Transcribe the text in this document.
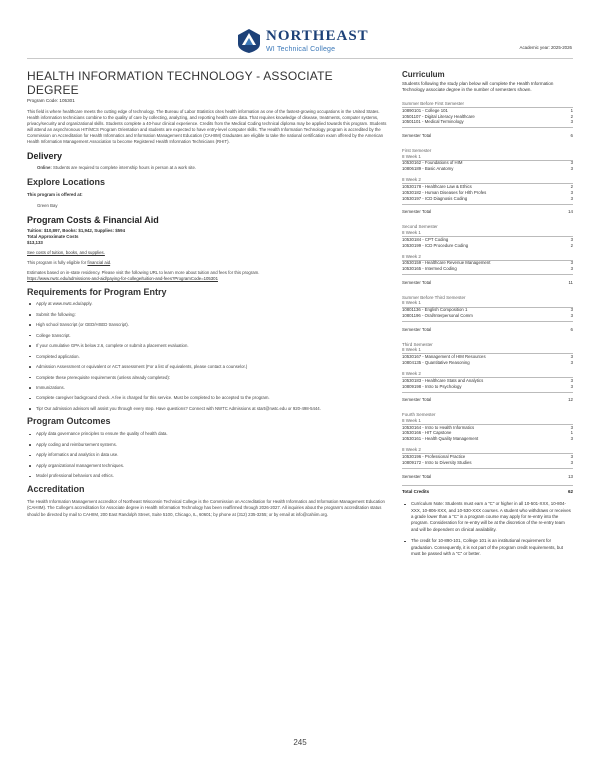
NORTHEAST
WI Technical College	Academic year: 2025-2026
HEALTH INFORMATION TECHNOLOGY - ASSOCIATE
DEGREE
Program Code: 105301

This field is where healthcare meets the cutting edge of technology. The Bureau of Labor Statistics cites health information as one of the fastest-growing occupations in the United States. Health information technicians combine to the quality of care by collecting, analyzing, and reporting health care data. That requires knowledge of disease, treatments, computer systems, privacy/security and organizational skills. Students complete a 40-hour clinical experience. Credits from the Medical Coding technical diploma may be applied towards this program. Students will attend an asynchronous HIT/MCS Program Orientation and students are expected to have entry-level computer skills. The Health Information Technology program is accredited by the Commission on Accreditation for Health Informatics and Information Management Education (CAHIIM) Graduates are eligible to take the national certification exam offered by the American Health Information Management Association to become Registered Health Information Technicians (RHIT).

Delivery

Online: Students are required to complete internship hours in person at a work site.

Explore Locations
This program is offered at:
Green Bay
Program Costs & Financial Aid
Tuition: $10,897, Books: $1,942, Supplies: $594
Total Approximate Costs
$13,133
See costs of tuition, books, and supplies.
This program is fully eligible for financial aid.
Estimates based on in-state residency. Please visit the following URL to learn more about tuition and fees for this program.
https://www.nwtc.edu/admissions-and-aid/paying-for-college/tuition-and-fees?ProgramCode=105301
Requirements for Program Entry
Apply at www.nwtc.edu/apply.
Submit the following:
High school transcript (or GED/HSED transcript).
College transcript.
If your cumulative GPA is below 2.6, complete or submit a placement evaluation.
Completed application.
Admission Assessment or equivalent or ACT assessment (For a list of equivalents, please contact a counselor.)
Complete these prerequisite requirements (unless already completed):
Immunizations.
Complete caregiver background check. A fee is charged for this service. Must be completed to be accepted to the program.
Tip! Our admission advisors will assist you through every step. Have questions? Connect with NWTC Admissions at start@nwtc.edu or 920-498-5444.
Program Outcomes
Apply data governance principles to ensure the quality of health data.
Apply coding and reimbursement systems.
Apply informatics and analytics in data use.
Apply organizational management techniques.
Model professional behaviors and ethics.
Accreditation

The Health Information Management accreditor of Northeast Wisconsin Technical College is the Commission on Accreditation for Health Informatics and Information Management Education (CAHIIM). The College's accreditation for Associate degree in Health Information Technology has been reaffirmed through 2026-2027. All inquiries about the program's accreditation status should be directed by mail to CAHIIM, 200 East Randolph Street, Suite 5100, Chicago, IL, 60601; by phone at (312) 235-3255; or by email at info@cahiim.org.

Curriculum

Students following the study plan below will complete the Health Information Technology associate degree in the number of semesters shown.

Summer Before First Semester
10890101 - College 101	1
10501107 - Digital Literacy Healthcare	2
10501101 - Medical Terminology	3
Semester Total	6
First Semester
8 Week 1
10530162 - Foundations of HIM	3
10806189 - Basic Anatomy	3
8 Week 2
10530178 - Healthcare Law & Ethics	2
10530182 - Human Diseases for Hlth Profes	3
10530197 - ICD Diagnosis Coding	3
Semester Total	14
Second Semester
8 Week 1
10530184 - CPT Coding	3
10530199 - ICD Procedure Coding	2
8 Week 2
10530159 - Healthcare Revenue Management	3
10530165 - Intermed Coding	3
Semester Total	11
Summer Before Third Semester
8 Week 1
10801136 - English Composition 1	3
10801196 - Oral/Interpersonal Comm	3
Semester Total	6
Third Semester
8 Week 1
10530167 - Management of HIM Resources	3
10804135 - Quantitative Reasoning	3
8 Week 2
10530183 - Healthcare Stats and Analytics	3
10809198 - Intro to Psychology	3
Semester Total	12
Fourth Semester
8 Week 1
10530164 - Intro to Health Informatics	3
10530166 - HIT Capstone	1
10530161 - Health Quality Management	3
8 Week 2
10530196 - Professional Practice	3
10809172 - Intro to Diversity Studies	3
Semester Total	13
Total Credits	62
Curriculum Note: Students must earn a "C" or higher in all 10-501-XXX, 10-804-XXX, 10-806-XXX, and 10-530-XXX courses. A student who withdraws or receives a grade lower than a "C" in a program course may apply for re-entry into the program. Consideration for re-entry will be at the discretion of the re-entry team and will be dependent on clinical availability.
The credit for 10-890-101, College 101 is an institutional requirement for graduation. Consequently, it is not part of the program credit requirements, but must be passed with a "C" or better.
245
